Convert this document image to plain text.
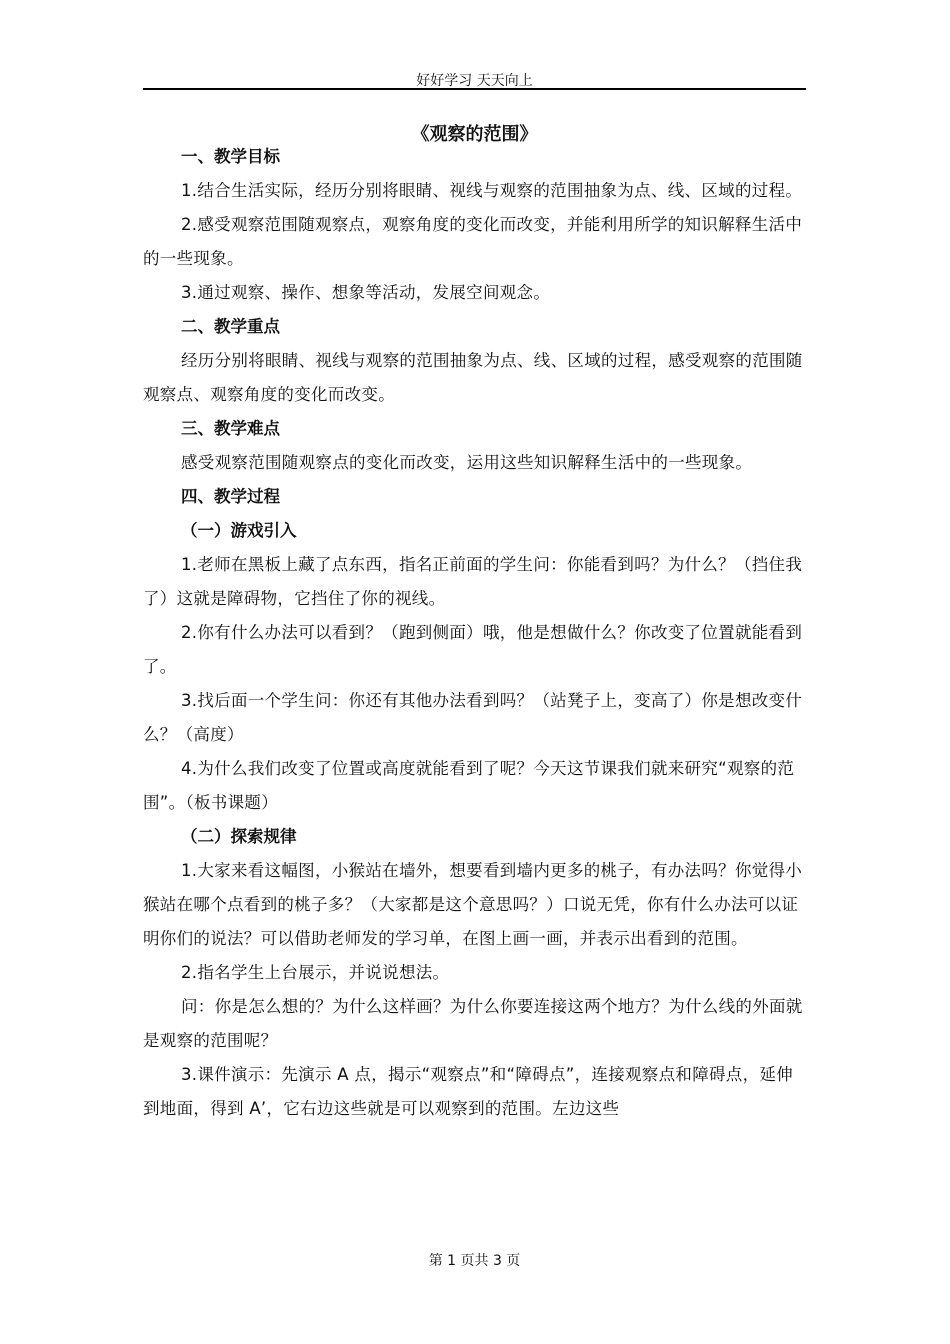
好好学习 天天向上
《观察的范围》
一、教学目标

1.结合生活实际，经历分别将眼睛、视线与观察的范围抽象为点、线、区域的过程。

2.感受观察范围随观察点，观察角度的变化而改变，并能利用所学的知识解释生活中的一些现象。

3.通过观察、操作、想象等活动，发展空间观念。

二、教学重点

经历分别将眼睛、视线与观察的范围抽象为点、线、区域的过程，感受观察的范围随观察点、观察角度的变化而改变。

三、教学难点

感受观察范围随观察点的变化而改变，运用这些知识解释生活中的一些现象。

四、教学过程
（一）游戏引入

1.老师在黑板上藏了点东西，指名正前面的学生问：你能看到吗？为什么？（挡住我了）这就是障碍物，它挡住了你的视线。

2.你有什么办法可以看到？（跑到侧面）哦，他是想做什么？你改变了位置就能看到了。

3.找后面一个学生问：你还有其他办法看到吗？（站凳子上，变高了）你是想改变什么？（高度）

4.为什么我们改变了位置或高度就能看到了呢？今天这节课我们就来研究“观察的范围”。（板书课题）

（二）探索规律

1.大家来看这幅图，小猴站在墙外，想要看到墙内更多的桃子，有办法吗？你觉得小猴站在哪个点看到的桃子多？（大家都是这个意思吗？）口说无凭，你有什么办法可以证明你们的说法？可以借助老师发的学习单，在图上画一画，并表示出看到的范围。

2.指名学生上台展示，并说说想法。

问：你是怎么想的？为什么这样画？为什么你要连接这两个地方？为什么线的外面就是观察的范围呢？

3.课件演示：先演示 A 点，揭示“观察点”和“障碍点”，连接观察点和障碍点，延伸到地面，得到 A’，它右边这些就是可以观察到的范围。左边这些

第 1 页共 3 页
